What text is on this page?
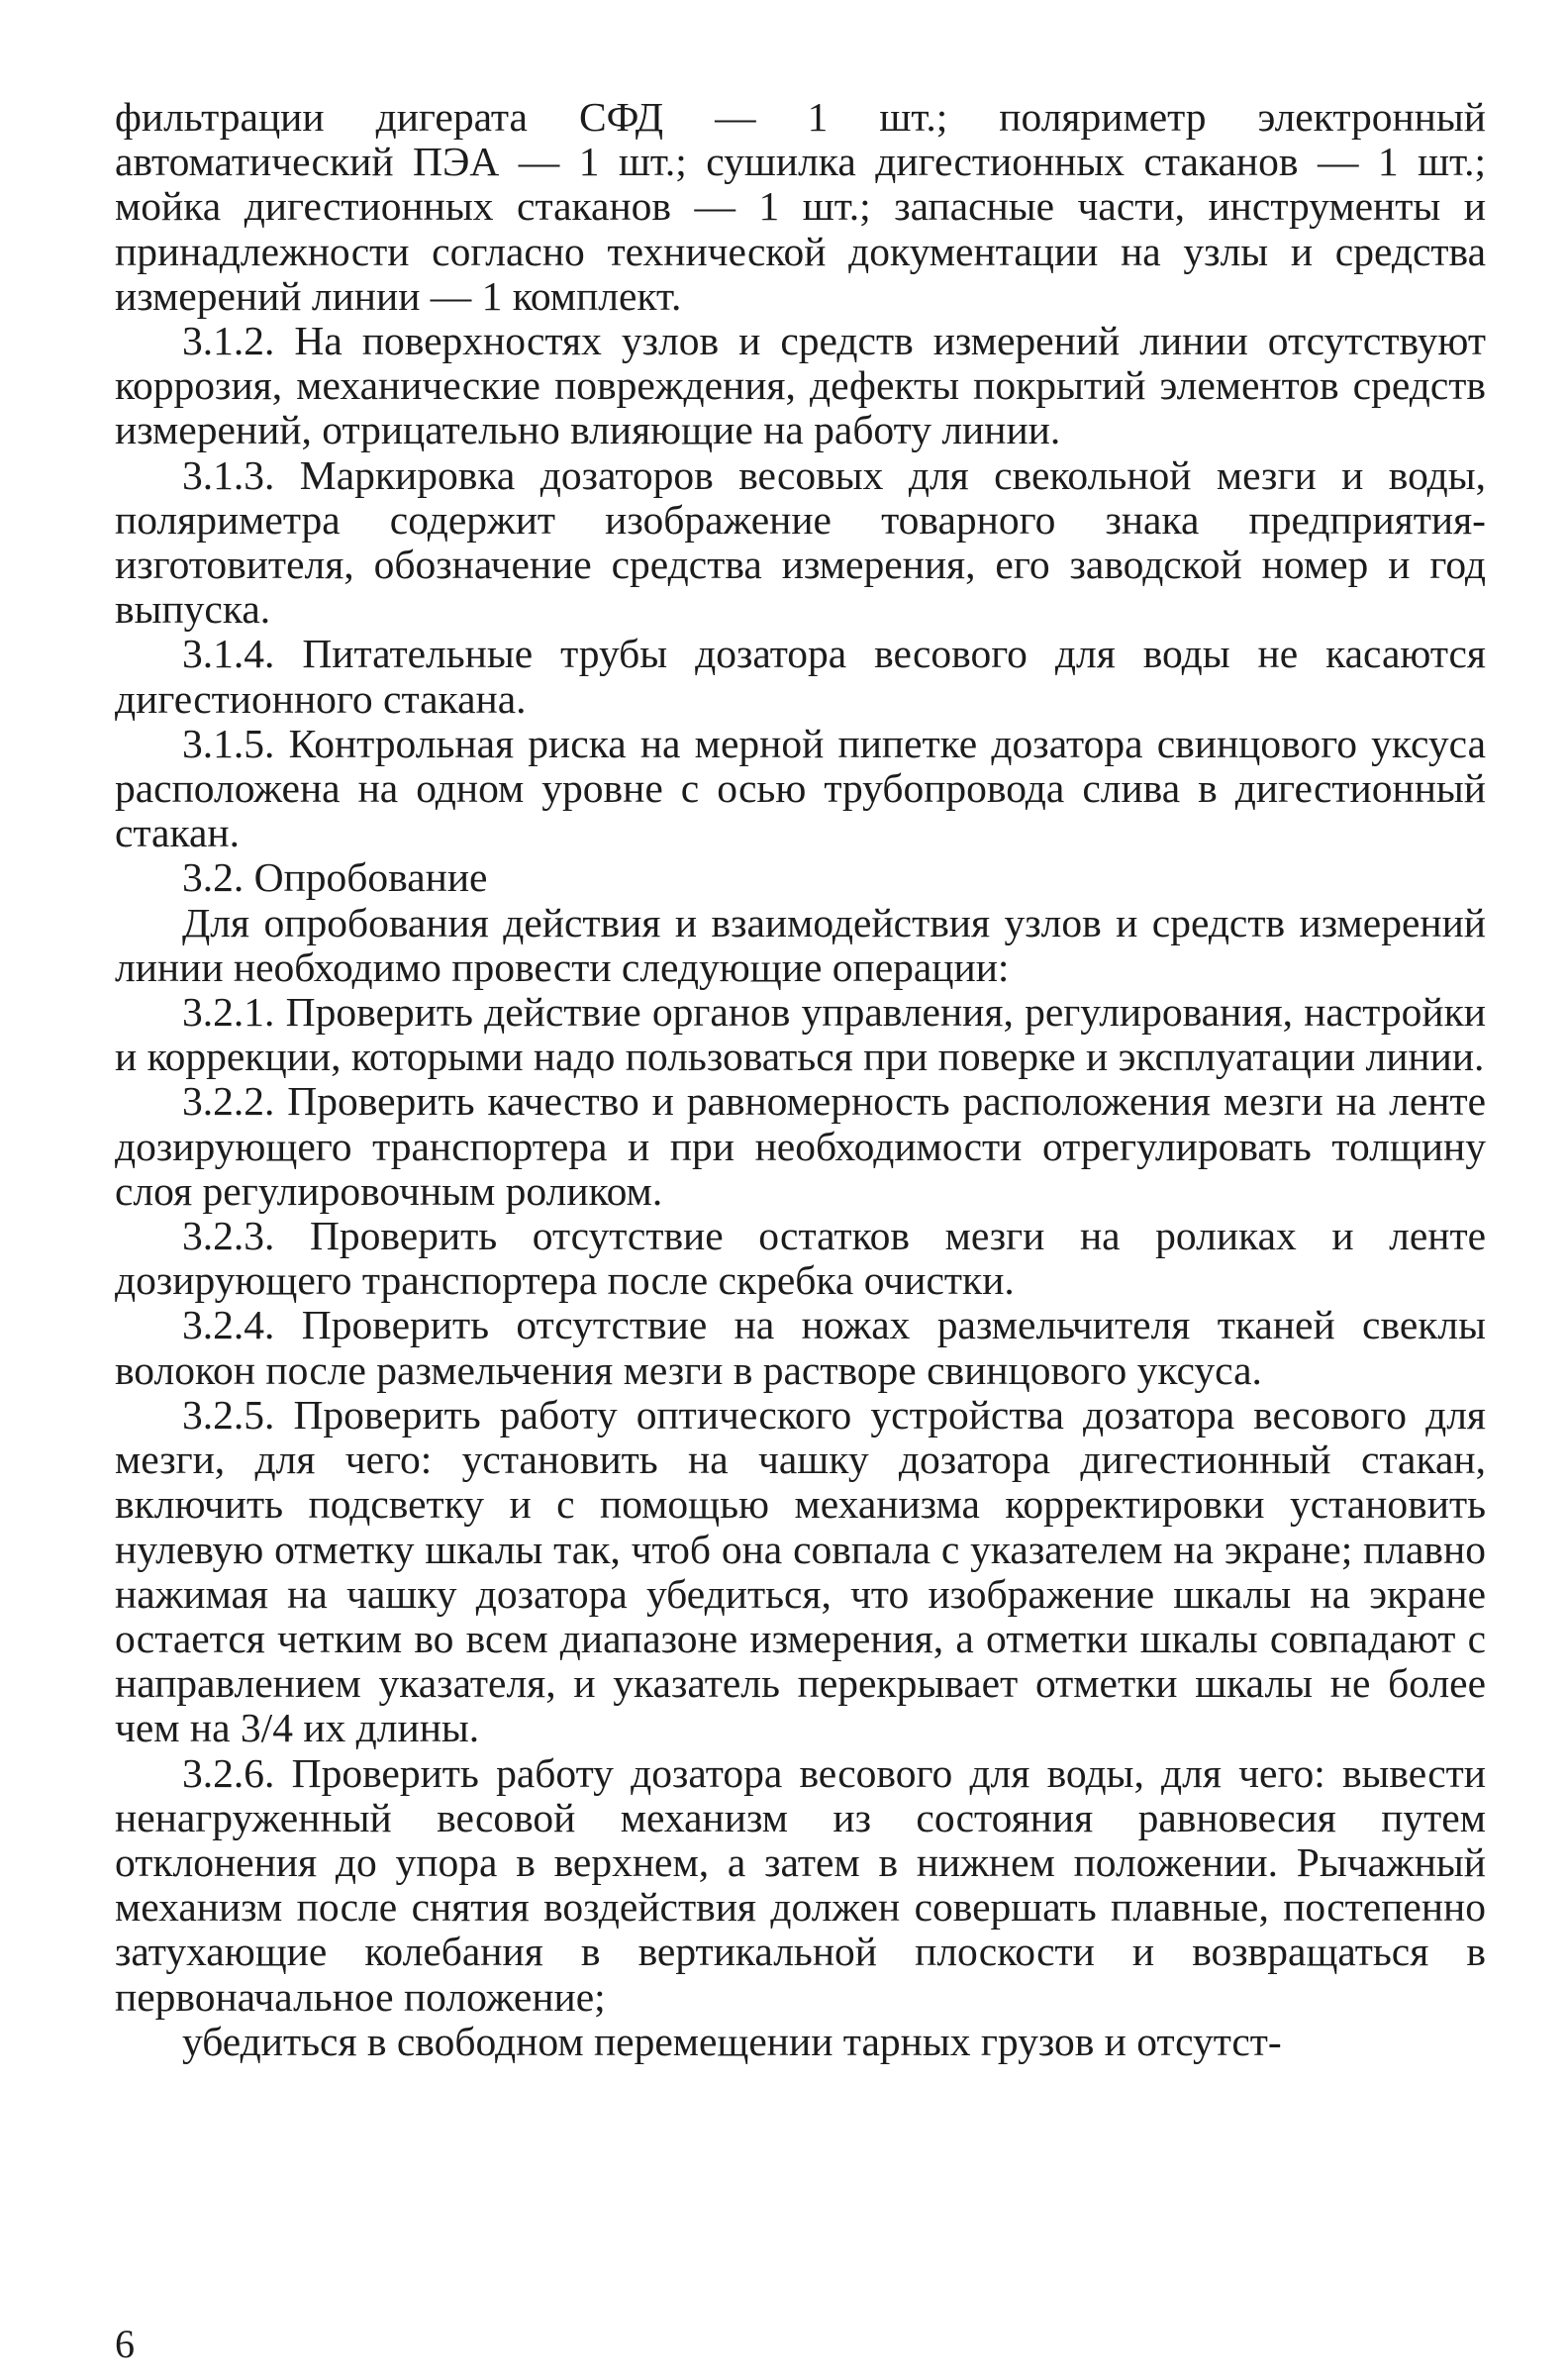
фильтрации дигерата СФД — 1 шт.; поляриметр электронный автоматический ПЭА — 1 шт.; сушилка дигестионных стаканов — 1 шт.; мойка дигестионных стаканов — 1 шт.; запасные части, инструменты и принадлежности согласно технической документации на узлы и средства измерений линии — 1 комплект.

3.1.2. На поверхностях узлов и средств измерений линии отсутствуют коррозия, механические повреждения, дефекты покрытий элементов средств измерений, отрицательно влияющие на работу линии.

3.1.3. Маркировка дозаторов весовых для свекольной мезги и воды, поляриметра содержит изображение товарного знака предприятия-изготовителя, обозначение средства измерения, его заводской номер и год выпуска.

3.1.4. Питательные трубы дозатора весового для воды не касаются дигестионного стакана.

3.1.5. Контрольная риска на мерной пипетке дозатора свинцового уксуса расположена на одном уровне с осью трубопровода слива в дигестионный стакан.

3.2. Опробование

Для опробования действия и взаимодействия узлов и средств измерений линии необходимо провести следующие операции:

3.2.1. Проверить действие органов управления, регулирования, настройки и коррекции, которыми надо пользоваться при поверке и эксплуатации линии.

3.2.2. Проверить качество и равномерность расположения мезги на ленте дозирующего транспортера и при необходимости отрегулировать толщину слоя регулировочным роликом.

3.2.3. Проверить отсутствие остатков мезги на роликах и ленте дозирующего транспортера после скребка очистки.

3.2.4. Проверить отсутствие на ножах размельчителя тканей свеклы волокон после размельчения мезги в растворе свинцового уксуса.

3.2.5. Проверить работу оптического устройства дозатора весового для мезги, для чего: установить на чашку дозатора дигестионный стакан, включить подсветку и с помощью механизма корректировки установить нулевую отметку шкалы так, чтоб она совпала с указателем на экране; плавно нажимая на чашку дозатора убедиться, что изображение шкалы на экране остается четким во всем диапазоне измерения, а отметки шкалы совпадают с направлением указателя, и указатель перекрывает отметки шкалы не более чем на 3/4 их длины.

3.2.6. Проверить работу дозатора весового для воды, для чего: вывести ненагруженный весовой механизм из состояния равновесия путем отклонения до упора в верхнем, а затем в нижнем положении. Рычажный механизм после снятия воздействия должен совершать плавные, постепенно затухающие колебания в вертикальной плоскости и возвращаться в первоначальное положение;

убедиться в свободном перемещении тарных грузов и отсутст-

6
